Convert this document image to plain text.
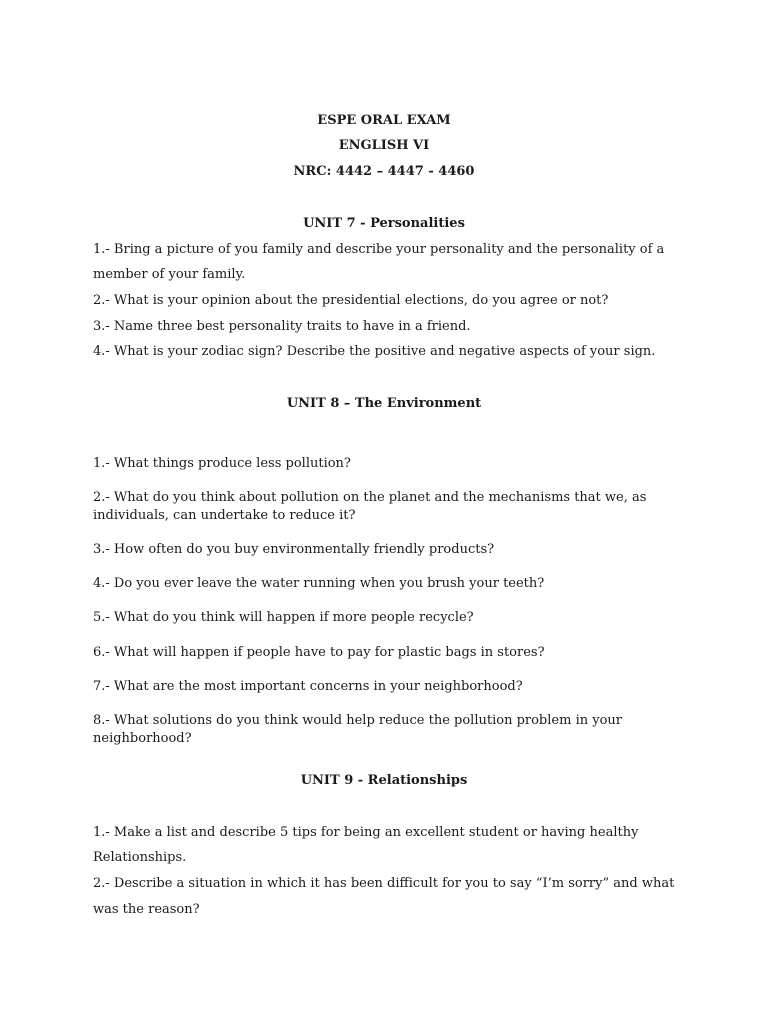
ESPE ORAL EXAM
ENGLISH VI
NRC: 4442 – 4447 - 4460
UNIT 7 - Personalities
1.- Bring a picture of you family and describe your personality and the personality of a
member of your family.
2.- What is your opinion about the presidential elections, do you agree or not?
3.- Name three best personality traits to have in a friend.
4.- What is your zodiac sign? Describe the positive and negative aspects of your sign.
UNIT 8 – The Environment
1.- What things produce less pollution?
2.- What do you think about pollution on the planet and the mechanisms that we, as
individuals, can undertake to reduce it?
3.- How often do you buy environmentally friendly products?
4.- Do you ever leave the water running when you brush your teeth?
5.- What do you think will happen if more people recycle?
6.- What will happen if people have to pay for plastic bags in stores?
7.- What are the most important concerns in your neighborhood?
8.- What solutions do you think would help reduce the pollution problem in your
neighborhood?
UNIT 9 - Relationships
1.- Make a list and describe 5 tips for being an excellent student or having healthy
Relationships.
2.- Describe a situation in which it has been difficult for you to say “I’m sorry” and what
was the reason?
